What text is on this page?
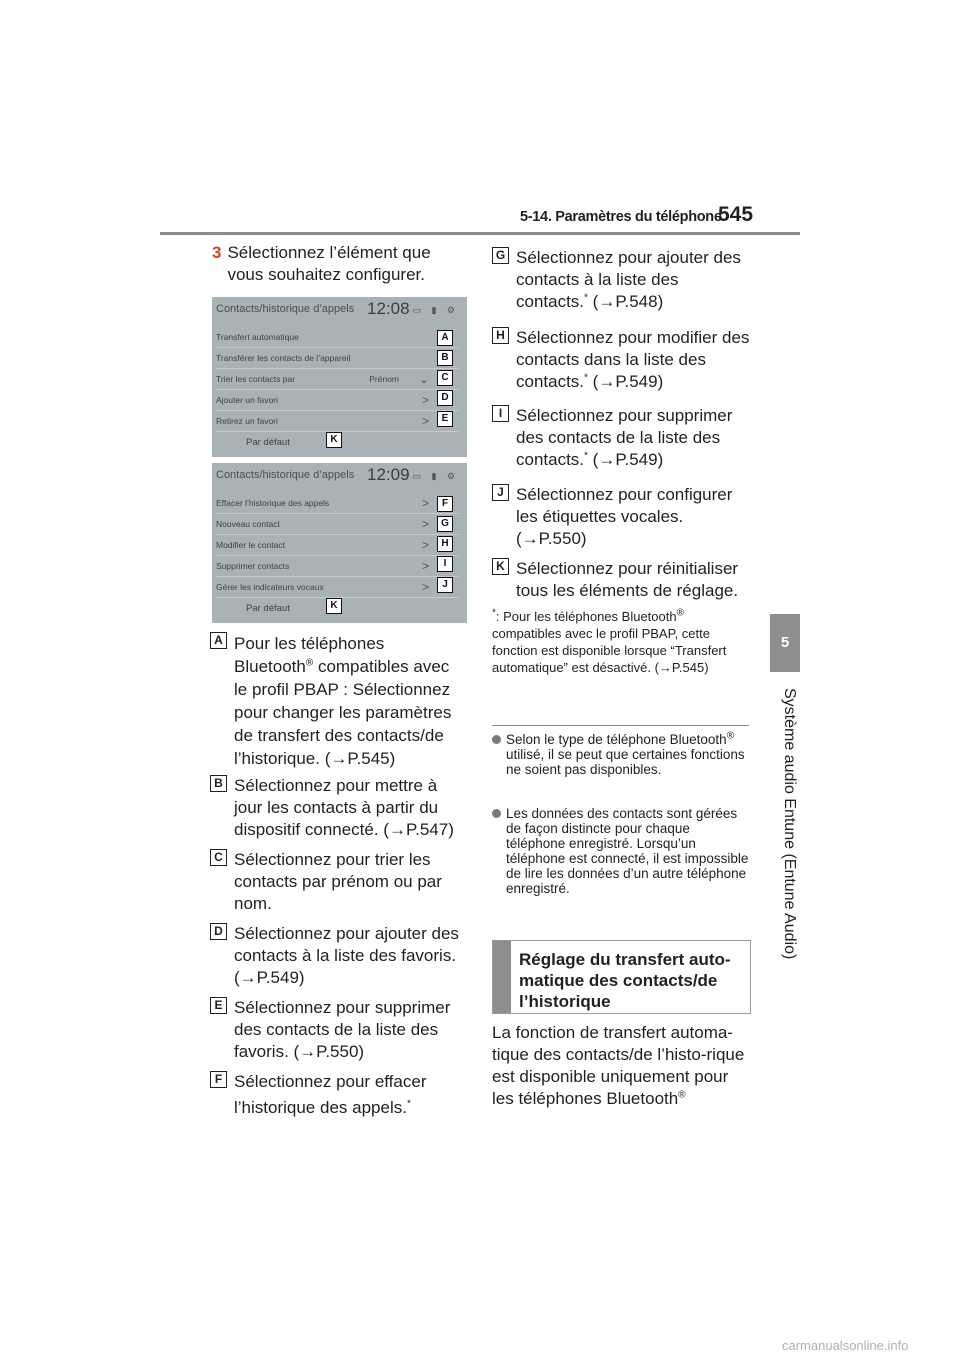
5-14. Paramètres du téléphone
545
5
Système audio Entune (Entune Audio)
3 Sélectionnez l’élément que vous souhaitez configurer.
Contacts/historique d’appels 12:08 ▭ ▮ ⚙
Transfert automatique
Transférer les contacts de l’appareil
Trier les contacts par	Prénom ⌄
Ajouter un favori	>
Retirez un favori	>
Par défaut
A
B
C
D
E
K
Contacts/historique d’appels 12:09 ▭ ▮ ⚙
Effacer l’historique des appels	>
Nouveau contact	>
Modifier le contact	>
Supprimer contacts	>
Gérer les indicateurs vocaux	>
Par défaut
F
G
H
I
J
K
A Pour les téléphones Bluetooth® compatibles avec le profil PBAP : Sélectionnez pour changer les paramètres de transfert des contacts/de l’historique. (→P.545)
B Sélectionnez pour mettre à jour les contacts à partir du dispositif connecté. (→P.547)
C Sélectionnez pour trier les contacts par prénom ou par nom.
D Sélectionnez pour ajouter des contacts à la liste des favoris. (→P.549)
E Sélectionnez pour supprimer des contacts de la liste des favoris. (→P.550)
F Sélectionnez pour effacer l’historique des appels.*
G Sélectionnez pour ajouter des contacts à la liste des contacts.* (→P.548)
H Sélectionnez pour modifier des contacts dans la liste des contacts.* (→P.549)
I Sélectionnez pour supprimer des contacts de la liste des contacts.* (→P.549)
J Sélectionnez pour configurer les étiquettes vocales. (→P.550)
K Sélectionnez pour réinitialiser tous les éléments de réglage.
*: Pour les téléphones Bluetooth® compatibles avec le profil PBAP, cette fonction est disponible lorsque “Transfert automatique” est désactivé. (→P.545)
Selon le type de téléphone Bluetooth® utilisé, il se peut que certaines fonctions ne soient pas disponibles.
Les données des contacts sont gérées de façon distincte pour chaque téléphone enregistré. Lorsqu’un téléphone est connecté, il est impossible de lire les données d’un autre téléphone enregistré.
Réglage du transfert auto-matique des contacts/de l’historique
La fonction de transfert automa-tique des contacts/de l’histo-rique est disponible uniquement pour les téléphones Bluetooth®
carmanualsonline.info
